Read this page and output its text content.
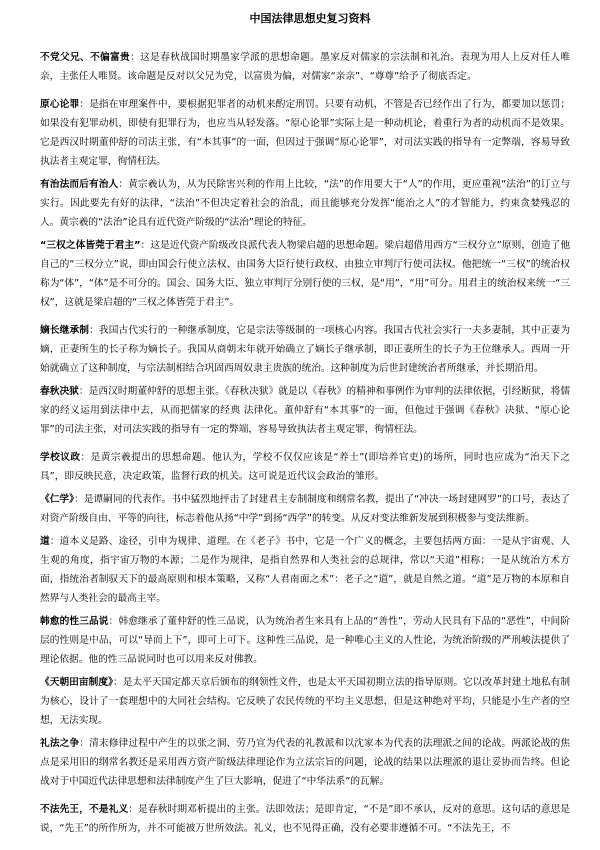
中国法律思想史复习资料

不党父兄、不偏富贵：这是春秋战国时期墨家学派的思想命题。墨家反对儒家的宗法制和礼治。表现为用人上反对任人唯亲，主张任人唯贤。该命题是反对以父兄为党，以富贵为偏，对儒家“亲亲”、“尊尊”给予了彻底否定。

原心论罪：是指在审理案件中，要根据犯罪者的动机来酌定刑罚。只要有动机，不管是否已经作出了行为，都要加以惩罚；如果没有犯罪动机，即使有犯罪行为，也应当从轻发落。“原心论罪”实际上是一种动机论，着重行为者的动机而不是效果。它是西汉时期董仲舒的司法主张，有“本其事”的一面，但因过于强调“原心论罪”，对司法实践的指导有一定弊端，容易导致执法者主观定罪，徇情枉法。

有治法而后有治人：黄宗羲认为，从为民除害兴利的作用上比较，“法”的作用要大于“人”的作用，更应重视“法治”的订立与实行。因此要先有好的法律，“法治”不但决定着社会的治乱，而且能够充分发挥“能治之人”的才智能力，约束贪婪残忍的人。黄宗羲的“法治”论具有近代资产阶级的“法治”理论的特征。

“三权之体皆莞于君主”：这是近代资产阶级改良派代表人物梁启超的思想命题。梁启超借用西方“三权分立”原则，创造了他自己的“三权分立”说，即由国会行使立法权、由国务大臣行使行政权、由独立审判厅行使司法权。他把统一“三权”的统治权称为“体”，“体”是不可分的。国会、国务大臣、独立审判厅分别行使的三权，是“用”，“用”可分。用君主的统治权来统一“三权”，这就是梁启超的“三权之体皆莞于君主”。

嫡长继承制：我国古代实行的一种继承制度，它是宗法等级制的一项核心内容。我国古代社会实行一夫多妻制，其中正妻为嫡，正妻所生的长子称为嫡长子。我国从商朝末年就开始确立了嫡长子继承制，即正妻所生的长子为王位继承人。西周一开始就确立了这种制度，与宗法制相结合巩固西周奴隶主贵族的统治。这种制度为后世封建统治者所继承，并长期沿用。

春秋决狱：是西汉时期董仲舒的思想主张。《春秋决狱》就是以《春秋》的精神和事例作为审判的法律依据，引经断狱，将儒家的经义运用到法律中去，从而把儒家的经典 法律化。董仲舒有“本其事”的一面，但他过于强调《春秋》决狱、“原心论罪”的司法主张，对司法实践的指导有一定的弊端，容易导致执法者主观定罪，徇情枉法。

学校议政：是黄宗羲提出的思想命题。他认为，学校不仅仅应该是“养士”(即培养官吏)的场所，同时也应成为“治天下之具”，即反映民意，决定政策，监督行政的机关。这可说是近代议会政治的雏形。

《仁学》：是谭嗣同的代表作。书中猛烈地抨击了封建君主专制制度和纲常名教，提出了“冲决一场封建网罗”的口号，表达了对资产阶级自由、平等的向往，标志着他从扬“中学”到扬“西学”的转变。从反对变法维新发展到积极参与变法维新。

道：道本义是路、途径，引申为规律、道理。在《老子》书中，它是一个广义的概念，主要包括两方面：一是从宇宙观、人生观的角度，指宇宙万物的本源；二是作为规律，是指自然界和人类社会的总规律，常以“天道”相称；一是从统治方术方面，指统治者制驭天下的最高原则和根本策略，又称“人君南面之术”：老子之“道”，就是自然之道。“道”是万物的本原和自然界与人类社会的最高主宰。

韩愈的性三品说：韩愈继承了董仲舒的性三品说，认为统治者生来具有上品的“善性”，劳动人民具有下品的“恶性”，中间阶层的性则是中品，可以“导而上下”，即可上可下。这种性三品说，是一种唯心主义的人性论，为统治阶级的严刑峻法提供了理论依据。他的性三品说同时也可以用来反对佛教。

《天朝田亩制度》：是太平天国定都天京后颁布的纲领性文件，也是太平天国初期立法的指导原则。它以改革封建土地私有制为核心，设计了一套理想中的大同社会结构。它反映了农民传统的平均主义思想，但是这种绝对平均，只能是小生产者的空想，无法实现。

礼法之争：清末修律过程中产生的以张之洞、劳乃宣为代表的礼教派和以沈家本为代表的法理派之间的论战。两派论战的焦点是采用旧的纲常名教还是采用西方资产阶级法律理论作为立法宗旨的问题，论战的结果以法理派的退让妥协而告终。但论战对于中国近代法律思想和法律制度产生了巨大影响，促进了“中华法系”的瓦解。

不法先王，不是礼义：是春秋时期邓析提出的主张。法即效法；是即肯定，“不是”即不承认，反对的意思。这句话的意思是说，“先王”的所作所为，并不可能被万世所效法。礼义，也不见得正确，没有必要非遵循不可。“不法先王，不
